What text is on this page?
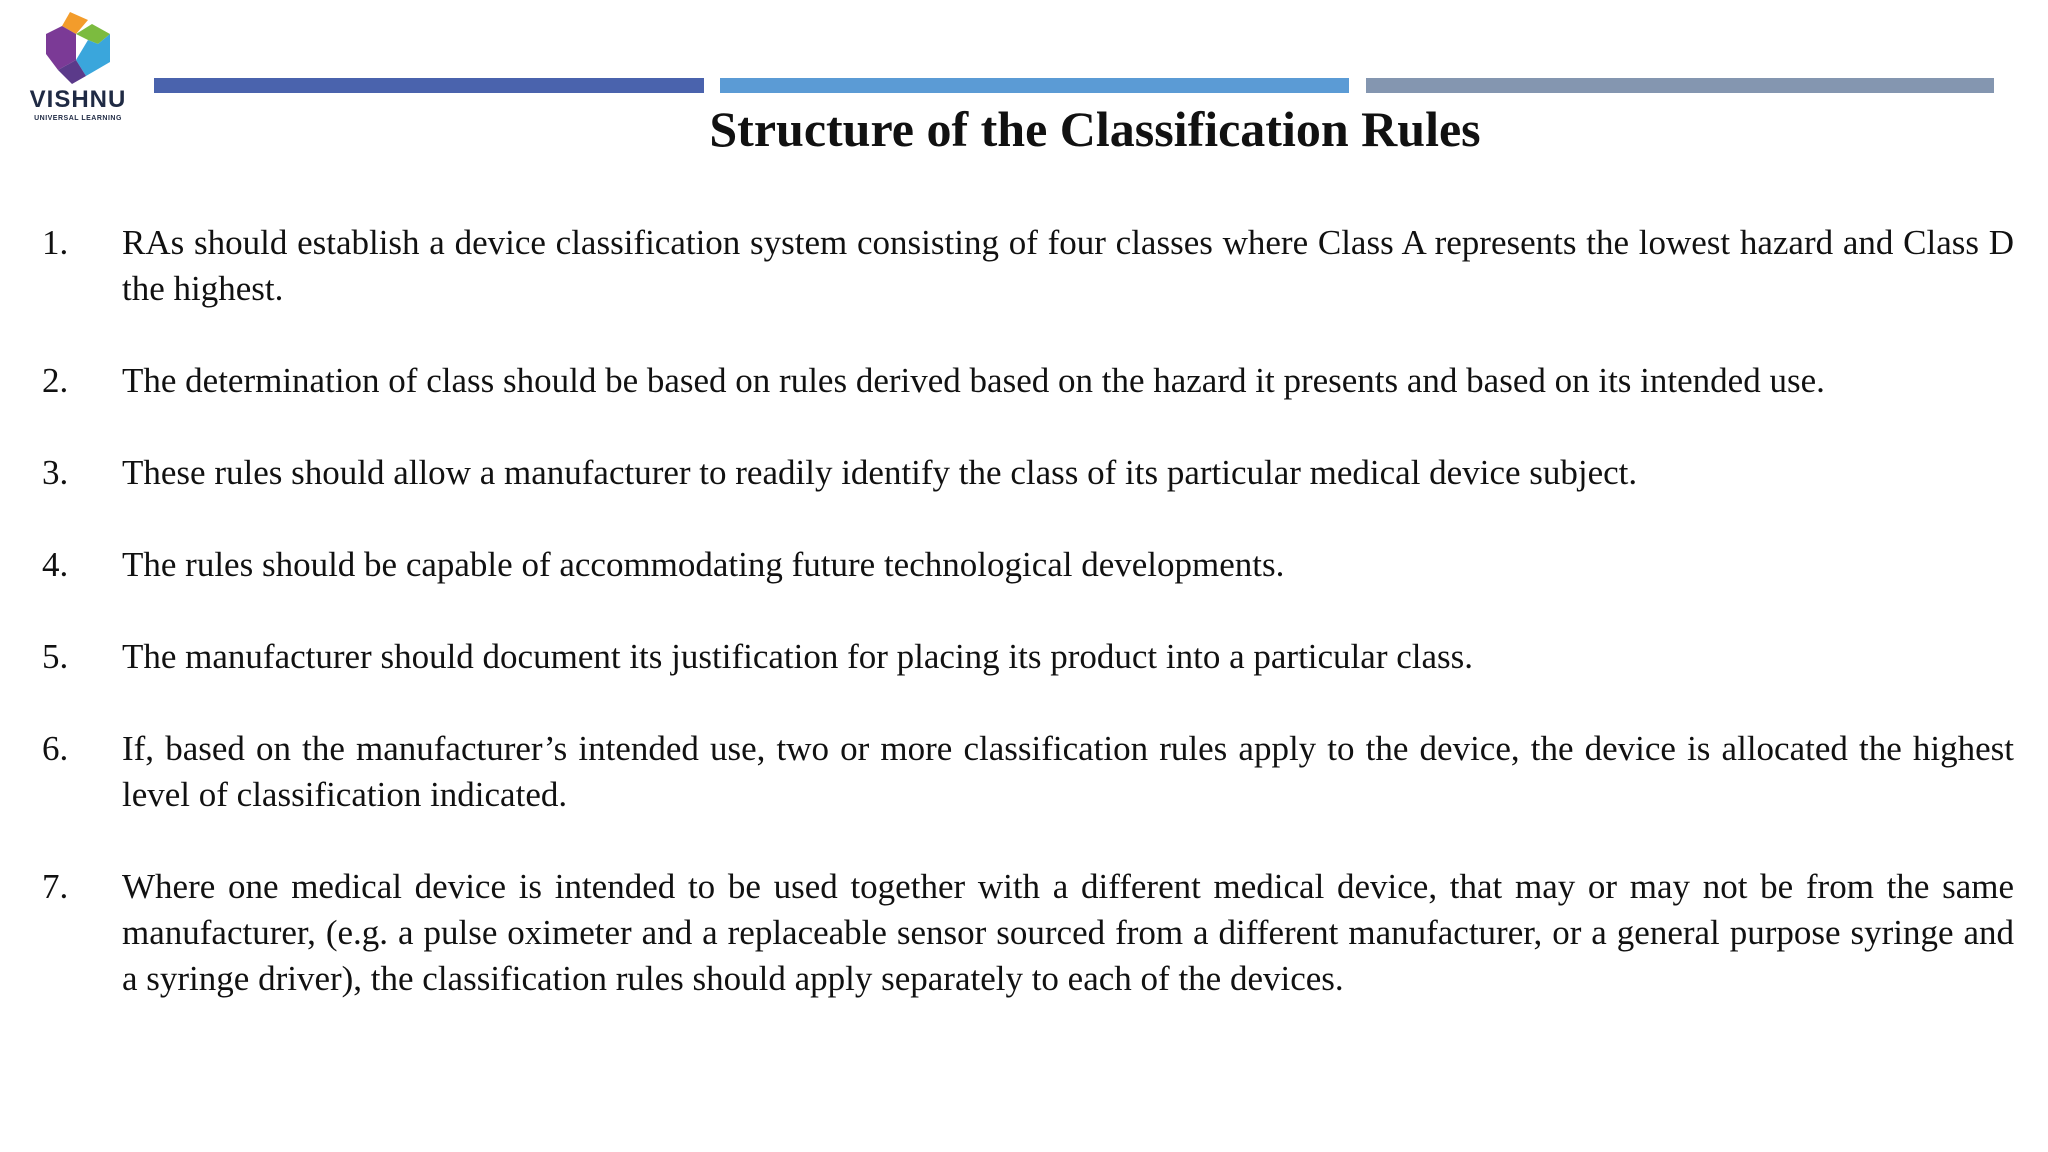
VISHNU
UNIVERSAL LEARNING	Structure of the Classification Rules
1.	RAs should establish a device classification system consisting of four classes where Class A represents the lowest hazard and Class D the highest.
2.	The determination of class should be based on rules derived based on the hazard it presents and based on its intended use.
3.	These rules should allow a manufacturer to readily identify the class of its particular medical device subject.
4.	The rules should be capable of accommodating future technological developments.
5.	The manufacturer should document its justification for placing its product into a particular class.
6.	If, based on the manufacturer’s intended use, two or more classification rules apply to the device, the device is allocated the highest level of classification indicated.
7.	Where one medical device is intended to be used together with a different medical device, that may or may not be from the same manufacturer, (e.g. a pulse oximeter and a replaceable sensor sourced from a different manufacturer, or a general purpose syringe and a syringe driver), the classification rules should apply separately to each of the devices.
